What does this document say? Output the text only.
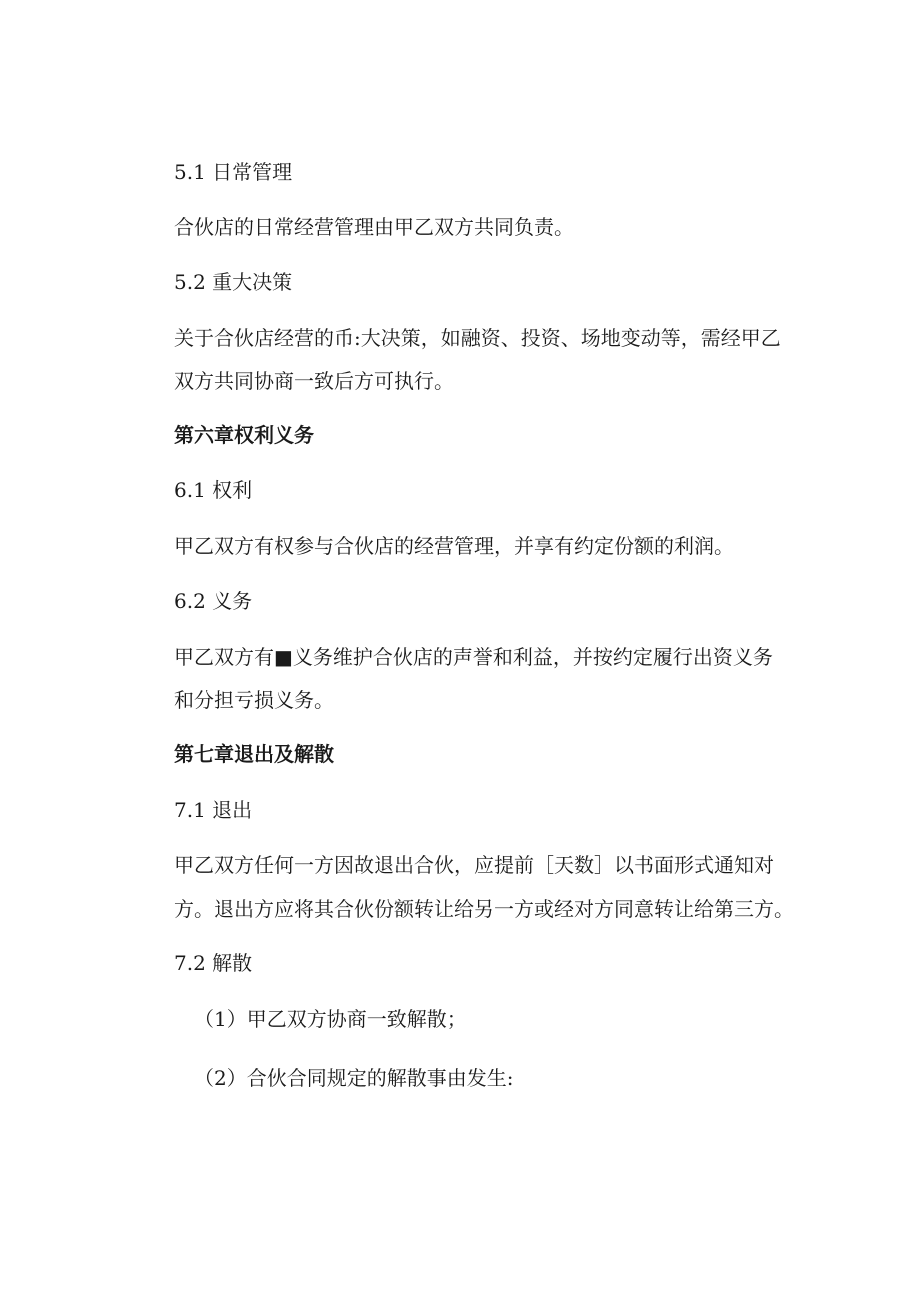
5.1 日常管理

合伙店的日常经营管理由甲乙双方共同负责。

5.2 重大决策

关于合伙店经营的币:大决策，如融资、投资、场地变动等，需经甲乙

双方共同协商一致后方可执行。

第六章权利义务

6.1 权利

甲乙双方有权参与合伙店的经营管理，并享有约定份额的利润。

6.2 义务

甲乙双方有■义务维护合伙店的声誉和利益，并按约定履行出资义务

和分担亏损义务。

第七章退出及解散

7.1 退出

甲乙双方任何一方因故退出合伙，应提前［天数］以书面形式通知对

方。退出方应将其合伙份额转让给另一方或经对方同意转让给第三方。

7.2 解散

（1）甲乙双方协商一致解散；

（2）合伙合同规定的解散事由发生:
